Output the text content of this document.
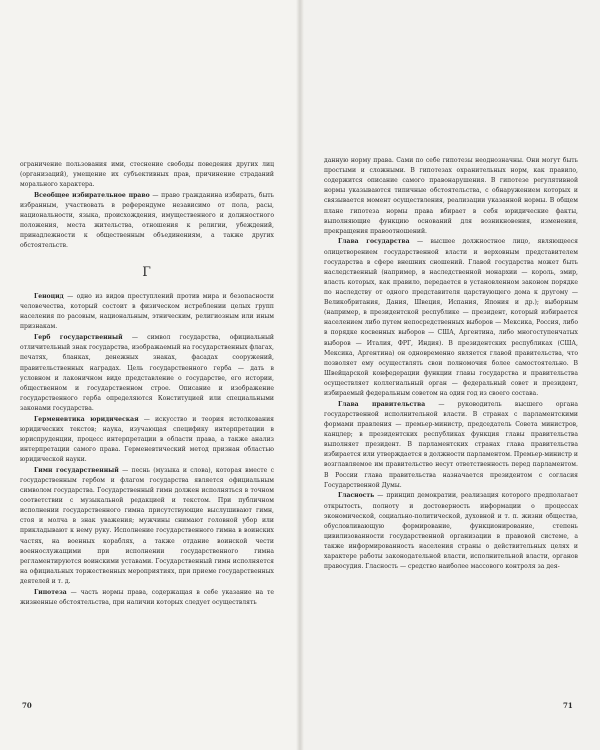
ограничение пользования ими, стеснение свободы поведения других лиц (организаций), умещение их субъективных прав, причинение страданий морального характера.

Всеобщее избирательное право — право гражданина избирать, быть избранным, участвовать в референдуме независимо от пола, расы, национальности, языка, происхождения, имущественного и должностного положения, места жительства, отношения к религии, убеждений, принадлежности к общественным объединениям, а также других обстоятельств.

Г

Геноцид — одно из видов преступлений против мира и безопасности человечества, который состоит в физическом истреблении целых групп населения по расовым, национальным, этническим, религиозным или иным признакам.

Герб государственный — символ государства, официальный отличительный знак государства, изображаемый на государственных флагах, печатях, бланках, денежных знаках, фасадах сооружений, правительственных наградах. Цель государственного герба — дать в условном и лаконичном виде представление о государстве, его истории, общественном и государственном строе. Описание и изображение государственного герба определяются Конституцией или специальными законами государства.

Герменевтика юридическая — искусство и теория истолкования юридических текстов; наука, изучающая специфику интерпретации в юриспруденции, процесс интерпретации в области права, а также анализ интерпретации самого права. Герменевтический метод признан областью юридической науки.

Гимн государственный — песнь (музыка и слова), которая вместе с государственным гербом и флагом государства является официальным символом государства. Государственный гимн должен исполняться в точном соответствии с музыкальной редакцией и текстом. При публичном исполнении государственного гимна присутствующие выслушивают гимн, стоя и молча в знак уважения; мужчины снимают головной убор или прикладывают к нему руку. Исполнение государственного гимна в воинских частях, на военных кораблях, а также отдание воинской чести военнослужащими при исполнении государственного гимна регламентируются воинскими уставами. Государственный гимн исполняется на официальных торжественных мероприятиях, при приеме государственных деятелей и т. д.

Гипотеза — часть нормы права, содержащая в себе указание на те жизненные обстоятельства, при наличии которых следует осуществлять

данную норму права. Сами по себе гипотезы неоднозначны. Они могут быть простыми и сложными. В гипотезах охранительных норм, как правило, содержится описание самого правонарушения. В гипотезе регулятивной нормы указываются типичные обстоятельства, с обнаружением которых и связывается момент осуществления, реализации указанной нормы. В общем плане гипотеза нормы права вбирает в себя юридические факты, выполняющие функцию оснований для возникновения, изменения, прекращения правоотношений.

Глава государства — высшее должностное лицо, являющееся олицетворением государственной власти и верховным представителем государства в сфере внешних сношений. Главой государства может быть наследственный (например, в наследственной монархии — король, эмир, власть которых, как правило, передается в установленном законом порядке по наследству от одного представителя царствующего дома к другому — Великобритания, Дания, Швеция, Испания, Япония и др.); выборным (например, в президентской республике — президент, который избирается населением либо путем непосредственных выборов — Мексика, Россия, либо в порядке косвенных выборов — США, Аргентина, либо многоступенчатых выборов — Италия, ФРГ, Индия). В президентских республиках (США, Мексика, Аргентина) он одновременно является главой правительства, что позволяет ему осуществлять свои полномочия более самостоятельно. В Швейцарской конфедерации функции главы государства и правительства осуществляет коллегиальный орган — федеральный совет и президент, избираемый федеральным советом на один год из своего состава.

Глава правительства — руководитель высшего органа государственной исполнительной власти. В странах с парламентскими формами правления — премьер-министр, председатель Совета министров, канцлер; в президентских республиках функция главы правительства выполняет президент. В парламентских странах глава правительства избирается или утверждается в должности парламентом. Премьер-министр и возглавляемое им правительство несут ответственность перед парламентом. В России глава правительства назначается президентом с согласия Государственной Думы.

Гласность — принцип демократии, реализация которого предполагает открытость, полноту и достоверность информации о процессах экономической, социально-политической, духовной и т. п. жизни общества, обусловливающую формирование, функционирование, степень цивилизованности государственной организации в правовой системе, а также информированность населения страны о действительных целях и характере работы законодательной власти, исполнительной власти, органов правосудия. Гласность — средство наиболее массового контроля за дея-

70	71
